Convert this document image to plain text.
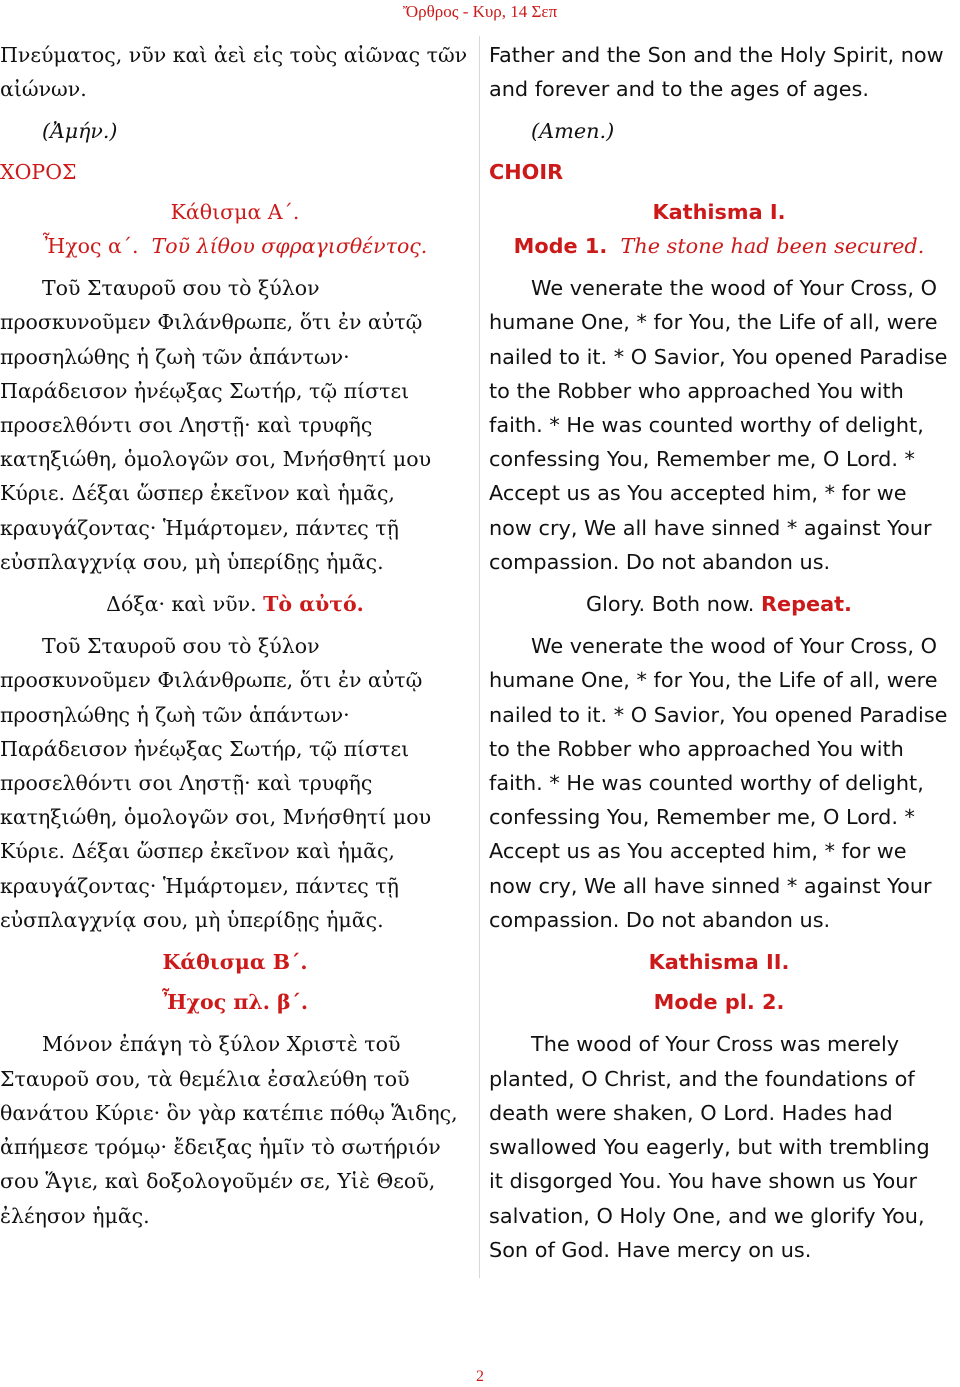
Ὄρθρος - Κυρ, 14 Σεπ

Πνεύματος, νῦν καὶ ἀεὶ εἰς τοὺς αἰῶνας τῶν αἰώνων.

(Ἀμήν.)

ΧΟΡΟΣ

Κάθισμα Α´.

Ἦχος α´. Τοῦ λίθου σφραγισθέντος.

Τοῦ Σταυροῦ σου τὸ ξύλον προσκυνοῦμεν Φιλάνθρωπε, ὅτι ἐν αὐτῷ προσηλώθης ἡ ζωὴ τῶν ἁπάντων· Παράδεισον ἠνέῳξας Σωτήρ, τῷ πίστει προσελθόντι σοι Ληστῇ· καὶ τρυφῆς κατηξιώθη, ὁμολογῶν σοι, Μνήσθητί μου Κύριε. Δέξαι ὥσπερ ἐκεῖνον καὶ ἡμᾶς, κραυγάζοντας· Ἡμάρτομεν, πάντες τῇ εὐσπλαγχνίᾳ σου, μὴ ὑπερίδῃς ἡμᾶς.

Δόξα· καὶ νῦν. Τὸ αὐτό.

Τοῦ Σταυροῦ σου τὸ ξύλον προσκυνοῦμεν Φιλάνθρωπε, ὅτι ἐν αὐτῷ προσηλώθης ἡ ζωὴ τῶν ἁπάντων· Παράδεισον ἠνέῳξας Σωτήρ, τῷ πίστει προσελθόντι σοι Ληστῇ· καὶ τρυφῆς κατηξιώθη, ὁμολογῶν σοι, Μνήσθητί μου Κύριε. Δέξαι ὥσπερ ἐκεῖνον καὶ ἡμᾶς, κραυγάζοντας· Ἡμάρτομεν, πάντες τῇ εὐσπλαγχνίᾳ σου, μὴ ὑπερίδῃς ἡμᾶς.

Κάθισμα Β´.

Ἦχος πλ. β´.

Μόνον ἐπάγη τὸ ξύλον Χριστὲ τοῦ Σταυροῦ σου, τὰ θεμέλια ἐσαλεύθη τοῦ θανάτου Κύριε· ὃν γὰρ κατέπιε πόθῳ Ἅιδης, ἀπήμεσε τρόμῳ· ἔδειξας ἡμῖν τὸ σωτήριόν σου Ἅγιε, καὶ δοξολογοῦμέν σε, Υἱὲ Θεοῦ, ἐλέησον ἡμᾶς.

Father and the Son and the Holy Spirit, now and forever and to the ages of ages.

(Amen.)

CHOIR

Kathisma I.

Mode 1. The stone had been secured.

We venerate the wood of Your Cross, O humane One, * for You, the Life of all, were nailed to it. * O Savior, You opened Paradise to the Robber who approached You with faith. * He was counted worthy of delight, confessing You, Remember me, O Lord. * Accept us as You accepted him, * for we now cry, We all have sinned * against Your compassion. Do not abandon us.

Glory. Both now. Repeat.

We venerate the wood of Your Cross, O humane One, * for You, the Life of all, were nailed to it. * O Savior, You opened Paradise to the Robber who approached You with faith. * He was counted worthy of delight, confessing You, Remember me, O Lord. * Accept us as You accepted him, * for we now cry, We all have sinned * against Your compassion. Do not abandon us.

Kathisma II.

Mode pl. 2.

The wood of Your Cross was merely planted, O Christ, and the foundations of death were shaken, O Lord. Hades had swallowed You eagerly, but with trembling it disgorged You. You have shown us Your salvation, O Holy One, and we glorify You, Son of God. Have mercy on us.

2
